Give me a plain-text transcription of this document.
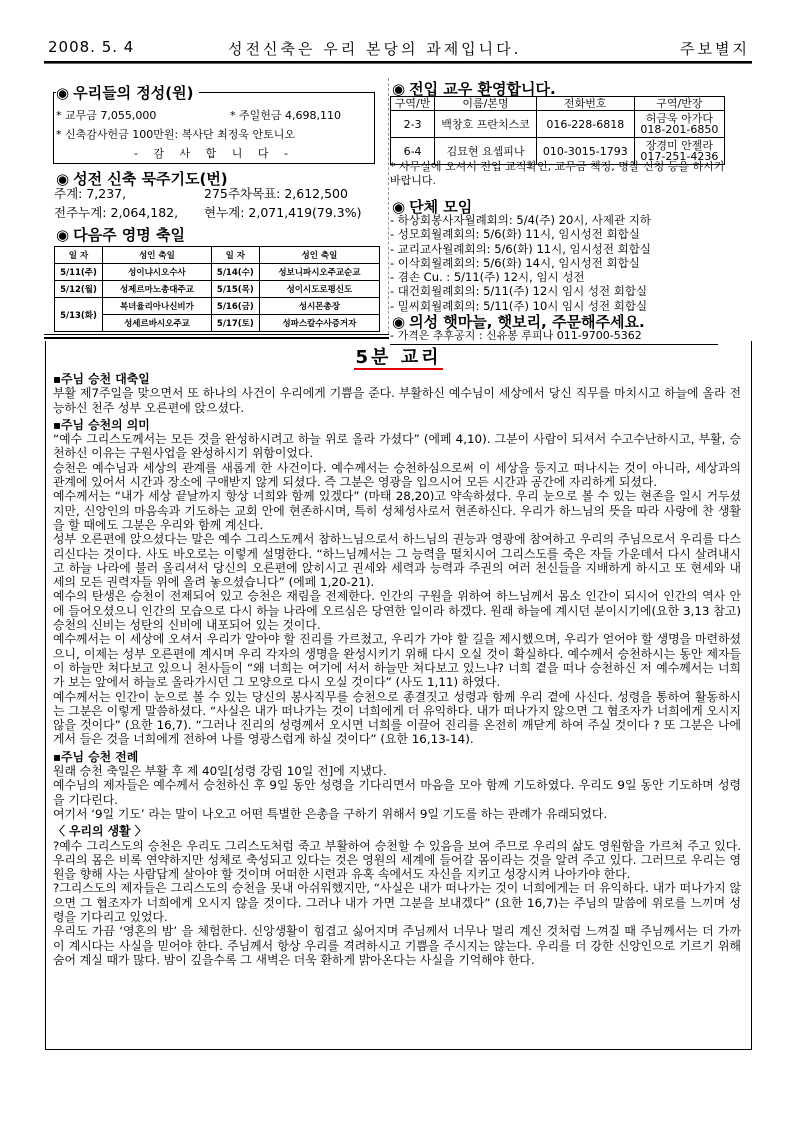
2008. 5. 4	성전신축은 우리 본당의 과제입니다.	주보별지
* 교무금 7,055,000	* 주일헌금 4,698,110
* 신축감사헌금 100만원: 복사단 최정욱 안토니오
- 감 사 합 니 다 -
◉ 우리들의 정성(원)	◉ 전입 교우 환영합니다.
구역/반	이름/본명	전화번호	구역/반장
2-3	백창호 프란치스코	016-228-6818	허금욱 아가다
018-201-6850

6-4	김묘현 요셉피나	010-3015-1793	장경미 안젤라
017-251-4236
* 사무실에 오셔서 전입 교적확인, 교무금 책정, 명찰 신청 등을 하시기 바랍니다.
◉ 성전 신축 묵주기도(번)
주계: 7,237,	275주차목표: 2,612,500
전주누계: 2,064,182, 현누계: 2,071,419(79.3%)
◉ 다음주 영명 축일
일 자	성인 축일	일 자	성인 축일
5/11(주)	성이냐시오수사	5/14(수)	성보니파시오주교순교
5/12(월)	성제르마노총대주교	5/15(목)	성이시도로평신도
5/13(화)	복녀율리아나신비가	5/16(금)	성시몬총장
	성세르바시오주교	5/17(토)	성파스칼수사증거자
◉ 단체 모임
- 하상회봉사자월례회의: 5/4(주) 20시, 사제관 지하
- 성모회월례회의: 5/6(화) 11시, 임시성전 회합실
- 교리교사월례회의: 5/6(화) 11시, 임시성전 회합실
- 이삭회월례회의: 5/6(화) 14시, 임시성전 회합실
- 겸손 Cu. : 5/11(주) 12시, 임시 성전
- 대건회월례회의: 5/11(주) 12시 임시 성전 회합실
- 밀씨회월례회의: 5/11(주) 10시 임시 성전 회합실
◉ 의성 햇마늘, 햇보리, 주문해주세요.
- 가격은 추후공지 : 신유봉 루피나 011-9700-5362
5분 교리
▪주님 승천 대축일

부활 제7주일을 맞으면서 또 하나의 사건이 우리에게 기쁨을 준다. 부활하신 예수님이 세상에서 당신 직무를 마치시고 하늘에 올라 전능하신 천주 성부 오른편에 앉으셨다.

▪주님 승천의 의미

“예수 그리스도께서는 모든 것을 완성하시려고 하늘 위로 올라 가셨다” (에페 4,10). 그분이 사람이 되셔서 수고수난하시고, 부활, 승천하신 이유는 구원사업을 완성하시기 위함이었다.

승천은 예수님과 세상의 관계를 새롭게 한 사건이다. 예수께서는 승천하심으로써 이 세상을 등지고 떠나시는 것이 아니라, 세상과의 관계에 있어서 시간과 장소에 구애받지 않게 되셨다. 즉 그분은 영광을 입으시어 모든 시간과 공간에 자리하게 되셨다.

예수께서는 “내가 세상 끝날까지 항상 너희와 함께 있겠다” (마태 28,20)고 약속하셨다. 우리 눈으로 볼 수 있는 현존을 일시 거두셨지만, 신앙인의 마음속과 기도하는 교회 안에 현존하시며, 특히 성체성사로서 현존하신다. 우리가 하느님의 뜻을 따라 사랑에 찬 생활을 할 때에도 그분은 우리와 함께 계신다.

성부 오른편에 앉으셨다는 말은 예수 그리스도께서 참하느님으로서 하느님의 권능과 영광에 참여하고 우리의 주님으로서 우리를 다스리신다는 것이다. 사도 바오로는 이렇게 설명한다. “하느님께서는 그 능력을 떨치시어 그리스도를 죽은 자들 가운데서 다시 살려내시고 하늘 나라에 불러 올리셔서 당신의 오른편에 앉히시고 권세와 세력과 능력과 주권의 여러 천신들을 지배하게 하시고 또 현세와 내세의 모든 권력자들 위에 올려 놓으셨습니다” (에페 1,20-21).

예수의 탄생은 승천이 전제되어 있고 승천은 재림을 전제한다. 인간의 구원을 위하여 하느님께서 몸소 인간이 되시어 인간의 역사 안에 들어오셨으니 인간의 모습으로 다시 하늘 나라에 오르심은 당연한 일이라 하겠다. 원래 하늘에 계시던 분이시기에(요한 3,13 참고) 승천의 신비는 성탄의 신비에 내포되어 있는 것이다.

예수께서는 이 세상에 오셔서 우리가 알아야 할 진리를 가르쳤고, 우리가 가야 할 길을 제시했으며, 우리가 얻어야 할 생명을 마련하셨으니, 이제는 성부 오른편에 계시며 우리 각자의 생명을 완성시키기 위해 다시 오실 것이 확실하다. 예수께서 승천하시는 동안 제자들이 하늘만 쳐다보고 있으니 천사들이 “왜 너희는 여기에 서서 하늘만 쳐다보고 있느냐? 너희 곁을 떠나 승천하신 저 예수께서는 너희가 보는 앞에서 하늘로 올라가시던 그 모양으로 다시 오실 것이다” (사도 1,11) 하였다.

예수께서는 인간이 눈으로 볼 수 있는 당신의 봉사직무를 승천으로 종결짓고 성령과 함께 우리 곁에 사신다. 성령을 통하여 활동하시는 그분은 이렇게 말씀하셨다. “사실은 내가 떠나가는 것이 너희에게 더 유익하다. 내가 떠나가지 않으면 그 협조자가 너희에게 오시지 않을 것이다” (요한 16,7). “그러나 진리의 성령께서 오시면 너희를 이끌어 진리를 온전히 깨닫게 하여 주실 것이다 ? 또 그분은 나에게서 들은 것을 너희에게 전하여 나를 영광스럽게 하실 것이다” (요한 16,13-14).

▪주님 승천 전례

원래 승천 축일은 부활 후 제 40일[성령 강림 10일 전]에 지냈다.

예수님의 제자들은 예수께서 승천하신 후 9일 동안 성령을 기다리면서 마음을 모아 함께 기도하였다. 우리도 9일 동안 기도하며 성령을 기다린다.

여기서 ‘9일 기도’ 라는 말이 나오고 어떤 특별한 은총을 구하기 위해서 9일 기도를 하는 관례가 유래되었다.

〈 우리의 생활 〉

?예수 그리스도의 승천은 우리도 그리스도처럼 죽고 부활하여 승천할 수 있음을 보여 주므로 우리의 삶도 영원함을 가르쳐 주고 있다. 우리의 몸은 비록 연약하지만 성체로 축성되고 있다는 것은 영원의 세계에 들어갈 몸이라는 것을 알려 주고 있다. 그러므로 우리는 영원을 향해 사는 사람답게 살아야 할 것이며 어떠한 시련과 유혹 속에서도 자신을 지키고 성장시켜 나아가야 한다.

?그리스도의 제자들은 그리스도의 승천을 못내 아쉬워했지만, “사실은 내가 떠나가는 것이 너희에게는 더 유익하다. 내가 떠나가지 않으면 그 협조자가 너희에게 오시지 않을 것이다. 그러나 내가 가면 그분을 보내겠다” (요한 16,7)는 주님의 말씀에 위로를 느끼며 성령을 기다리고 있었다.

우리도 가끔 ‘영혼의 밤’ 을 체험한다. 신앙생활이 힘겹고 싫어지며 주님께서 너무나 멀리 계신 것처럼 느껴질 때 주님께서는 더 가까이 계시다는 사실을 믿어야 한다. 주님께서 항상 우리를 격려하시고 기쁨을 주시지는 않는다. 우리를 더 강한 신앙인으로 기르기 위해 숨어 계실 때가 많다. 밤이 깊을수록 그 새벽은 더욱 환하게 밝아온다는 사실을 기억해야 한다.
